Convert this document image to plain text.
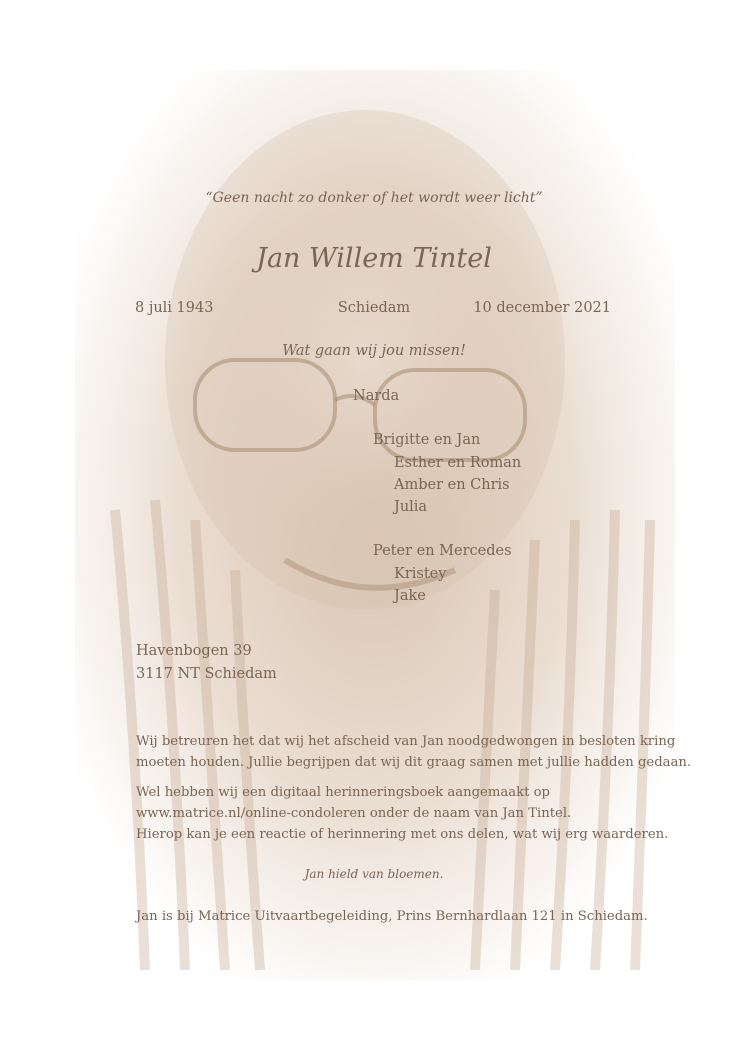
“Geen nacht zo donker of het wordt weer licht”
Jan Willem Tintel
8 juli 1943	Schiedam	10 december 2021
Wat gaan wij jou missen!
Narda
Brigitte en Jan
Esther en Roman
Amber en Chris
Julia
Peter en Mercedes
Kristey
Jake
Havenbogen 39
3117 NT Schiedam
Wij betreuren het dat wij het afscheid van Jan noodgedwongen in besloten kring
moeten houden. Jullie begrijpen dat wij dit graag samen met jullie hadden gedaan.
Wel hebben wij een digitaal herinneringsboek aangemaakt op
www.matrice.nl/online-condoleren onder de naam van Jan Tintel.
Hierop kan je een reactie of herinnering met ons delen, wat wij erg waarderen.
Jan hield van bloemen.
Jan is bij Matrice Uitvaartbegeleiding, Prins Bernhardlaan 121 in Schiedam.
